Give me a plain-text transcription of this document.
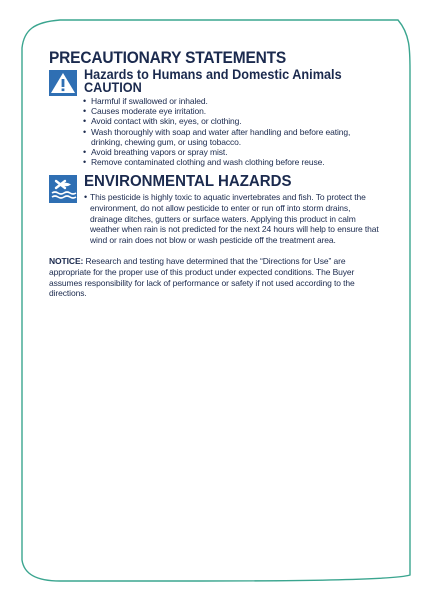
PRECAUTIONARY STATEMENTS
Hazards to Humans and Domestic Animals
CAUTION
• Harmful if swallowed or inhaled.
• Causes moderate eye irritation.
• Avoid contact with skin, eyes, or clothing.
• Wash thoroughly with soap and water after handling and before eating, drinking, chewing gum, or using tobacco.
• Avoid breathing vapors or spray mist.
• Remove contaminated clothing and wash clothing before reuse.
ENVIRONMENTAL HAZARDS
• This pesticide is highly toxic to aquatic invertebrates and fish. To protect the environment, do not allow pesticide to enter or run off into storm drains, drainage ditches, gutters or surface waters. Applying this product in calm weather when rain is not predicted for the next 24 hours will help to ensure that wind or rain does not blow or wash pesticide off the treatment area.
NOTICE: Research and testing have determined that the “Directions for Use” are appropriate for the proper use of this product under expected conditions. The Buyer assumes responsibility for lack of performance or safety if not used according to the directions.
